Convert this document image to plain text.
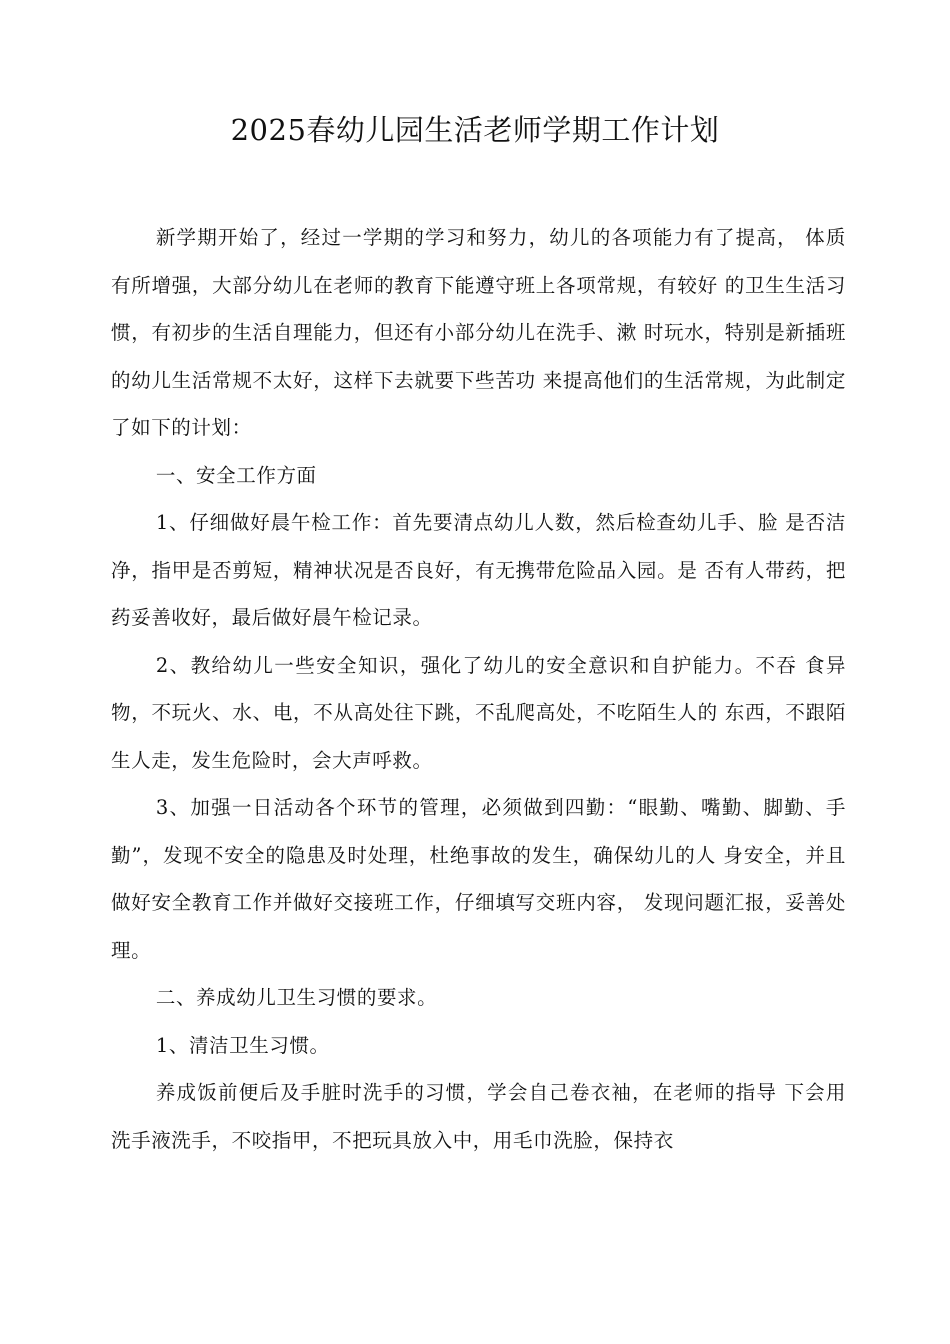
2025春幼儿园生活老师学期工作计划

新学期开始了，经过一学期的学习和努力，幼儿的各项能力有了提高， 体质有所增强，大部分幼儿在老师的教育下能遵守班上各项常规，有较好 的卫生生活习惯，有初步的生活自理能力，但还有小部分幼儿在洗手、漱 时玩水，特别是新插班的幼儿生活常规不太好，这样下去就要下些苦功 来提高他们的生活常规，为此制定了如下的计划：

一、安全工作方面

1、仔细做好晨午检工作：首先要清点幼儿人数，然后检查幼儿手、脸 是否洁净，指甲是否剪短，精神状况是否良好，有无携带危险品入园。是 否有人带药，把药妥善收好，最后做好晨午检记录。

2、教给幼儿一些安全知识，强化了幼儿的安全意识和自护能力。不吞 食异物，不玩火、水、电，不从高处往下跳，不乱爬高处，不吃陌生人的 东西，不跟陌生人走，发生危险时，会大声呼救。

3、加强一日活动各个环节的管理，必须做到四勤：“眼勤、嘴勤、脚勤、手勤”，发现不安全的隐患及时处理，杜绝事故的发生，确保幼儿的人 身安全，并且做好安全教育工作并做好交接班工作，仔细填写交班内容， 发现问题汇报，妥善处理。

二、养成幼儿卫生习惯的要求。

1、清洁卫生习惯。

养成饭前便后及手脏时洗手的习惯，学会自己卷衣袖，在老师的指导 下会用洗手液洗手，不咬指甲，不把玩具放入中，用毛巾洗脸，保持衣
